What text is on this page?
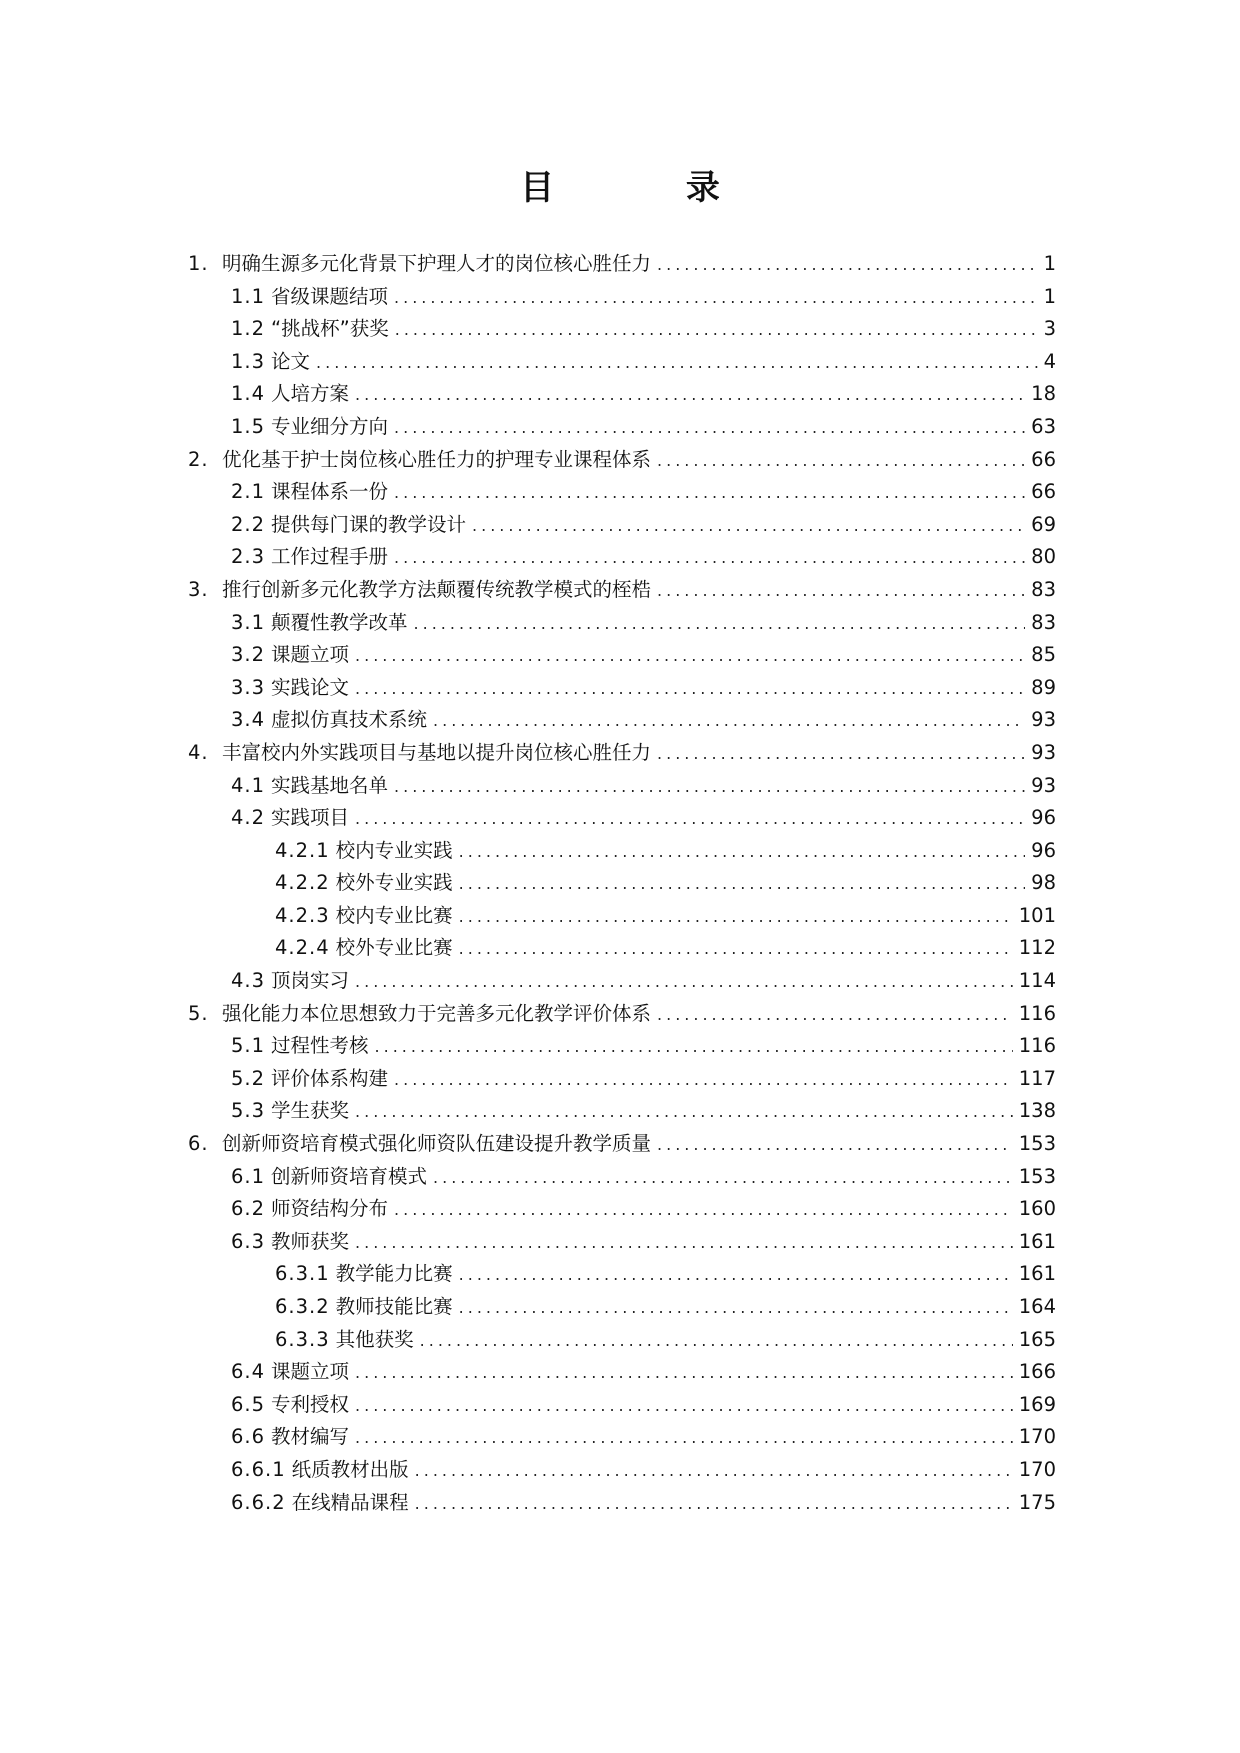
目 录
1. 明确生源多元化背景下护理人才的岗位核心胜任力 .....	1
1.1 省级课题结项 .....	1
1.2 “挑战杯”获奖 .....	3
1.3 论文 .....	4
1.4 人培方案 .....	18
1.5 专业细分方向 .....	63
2. 优化基于护士岗位核心胜任力的护理专业课程体系 .....	66
2.1 课程体系一份 .....	66
2.2 提供每门课的教学设计 .....	69
2.3 工作过程手册 .....	80
3. 推行创新多元化教学方法颠覆传统教学模式的桎梏 .....	83
3.1 颠覆性教学改革 .....	83
3.2 课题立项 .....	85
3.3 实践论文 .....	89
3.4 虚拟仿真技术系统 .....	93
4. 丰富校内外实践项目与基地以提升岗位核心胜任力 .....	93
4.1 实践基地名单 .....	93
4.2 实践项目 .....	96
4.2.1 校内专业实践 .....	96
4.2.2 校外专业实践 .....	98
4.2.3 校内专业比赛 .....	101
4.2.4 校外专业比赛 .....	112
4.3 顶岗实习 .....	114
5. 强化能力本位思想致力于完善多元化教学评价体系 .....	116
5.1 过程性考核 .....	116
5.2 评价体系构建 .....	117
5.3 学生获奖 .....	138
6. 创新师资培育模式强化师资队伍建设提升教学质量 .....	153
6.1 创新师资培育模式 .....	153
6.2 师资结构分布 .....	160
6.3 教师获奖 .....	161
6.3.1 教学能力比赛 .....	161
6.3.2 教师技能比赛 .....	164
6.3.3 其他获奖 .....	165
6.4 课题立项 .....	166
6.5 专利授权 .....	169
6.6 教材编写 .....	170
6.6.1 纸质教材出版 .....	170
6.6.2 在线精品课程 .....	175
